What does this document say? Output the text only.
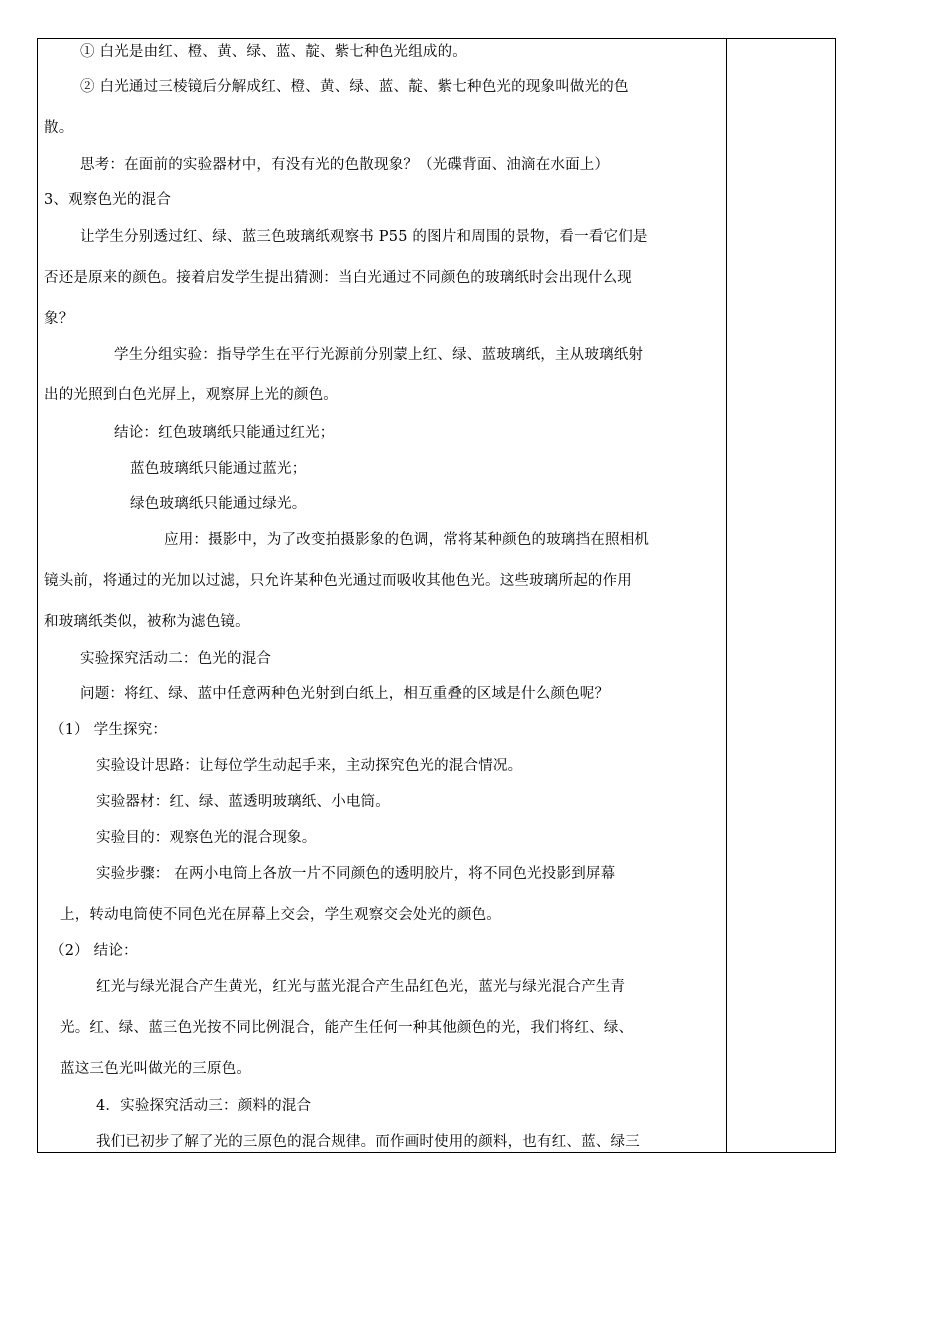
① 白光是由红、橙、黄、绿、蓝、靛、紫七种色光组成的。
② 白光通过三棱镜后分解成红、橙、黄、绿、蓝、靛、紫七种色光的现象叫做光的色
散。
思考：在面前的实验器材中，有没有光的色散现象？（光碟背面、油滴在水面上）
3、观察色光的混合
让学生分别透过红、绿、蓝三色玻璃纸观察书 P55 的图片和周围的景物，看一看它们是
否还是原来的颜色。接着启发学生提出猜测：当白光通过不同颜色的玻璃纸时会出现什么现
象？
学生分组实验：指导学生在平行光源前分别蒙上红、绿、蓝玻璃纸，主从玻璃纸射
出的光照到白色光屏上，观察屏上光的颜色。
结论：红色玻璃纸只能通过红光；
蓝色玻璃纸只能通过蓝光；
绿色玻璃纸只能通过绿光。
应用：摄影中，为了改变拍摄影象的色调，常将某种颜色的玻璃挡在照相机
镜头前，将通过的光加以过滤，只允许某种色光通过而吸收其他色光。这些玻璃所起的作用
和玻璃纸类似，被称为滤色镜。
实验探究活动二：色光的混合
问题：将红、绿、蓝中任意两种色光射到白纸上，相互重叠的区域是什么颜色呢？
（1） 学生探究：
实验设计思路：让每位学生动起手来，主动探究色光的混合情况。
实验器材：红、绿、蓝透明玻璃纸、小电筒。
实验目的：观察色光的混合现象。
实验步骤： 在两小电筒上各放一片不同颜色的透明胶片，将不同色光投影到屏幕
上，转动电筒使不同色光在屏幕上交会，学生观察交会处光的颜色。
（2） 结论：
红光与绿光混合产生黄光，红光与蓝光混合产生品红色光，蓝光与绿光混合产生青
光。红、绿、蓝三色光按不同比例混合，能产生任何一种其他颜色的光，我们将红、绿、
蓝这三色光叫做光的三原色。
4．实验探究活动三：颜料的混合
我们已初步了解了光的三原色的混合规律。而作画时使用的颜料，也有红、蓝、绿三
